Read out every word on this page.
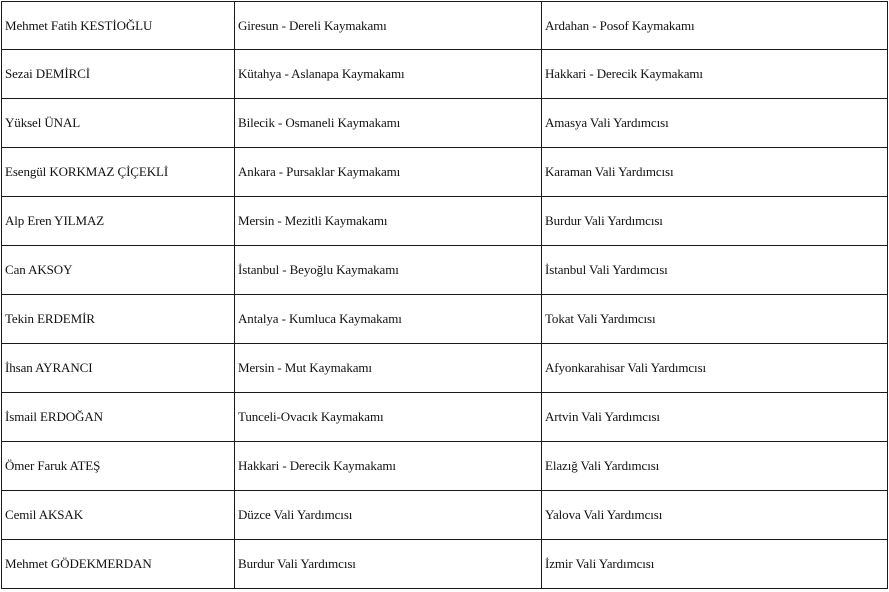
Mehmet Fatih KESTİOĞLU	Giresun - Dereli Kaymakamı	Ardahan - Posof Kaymakamı
Sezai DEMİRCİ	Kütahya - Aslanapa Kaymakamı	Hakkari - Derecik Kaymakamı
Yüksel ÜNAL	Bilecik - Osmaneli Kaymakamı	Amasya Vali Yardımcısı
Esengül KORKMAZ ÇİÇEKLİ	Ankara - Pursaklar Kaymakamı	Karaman Vali Yardımcısı
Alp Eren YILMAZ	Mersin - Mezitli Kaymakamı	Burdur Vali Yardımcısı
Can AKSOY	İstanbul - Beyoğlu Kaymakamı	İstanbul Vali Yardımcısı
Tekin ERDEMİR	Antalya - Kumluca Kaymakamı	Tokat Vali Yardımcısı
İhsan AYRANCI	Mersin - Mut Kaymakamı	Afyonkarahisar Vali Yardımcısı
İsmail ERDOĞAN	Tunceli-Ovacık Kaymakamı	Artvin Vali Yardımcısı
Ömer Faruk ATEŞ	Hakkari - Derecik Kaymakamı	Elazığ Vali Yardımcısı
Cemil AKSAK	Düzce Vali Yardımcısı	Yalova Vali Yardımcısı
Mehmet GÖDEKMERDAN	Burdur Vali Yardımcısı	İzmir Vali Yardımcısı
